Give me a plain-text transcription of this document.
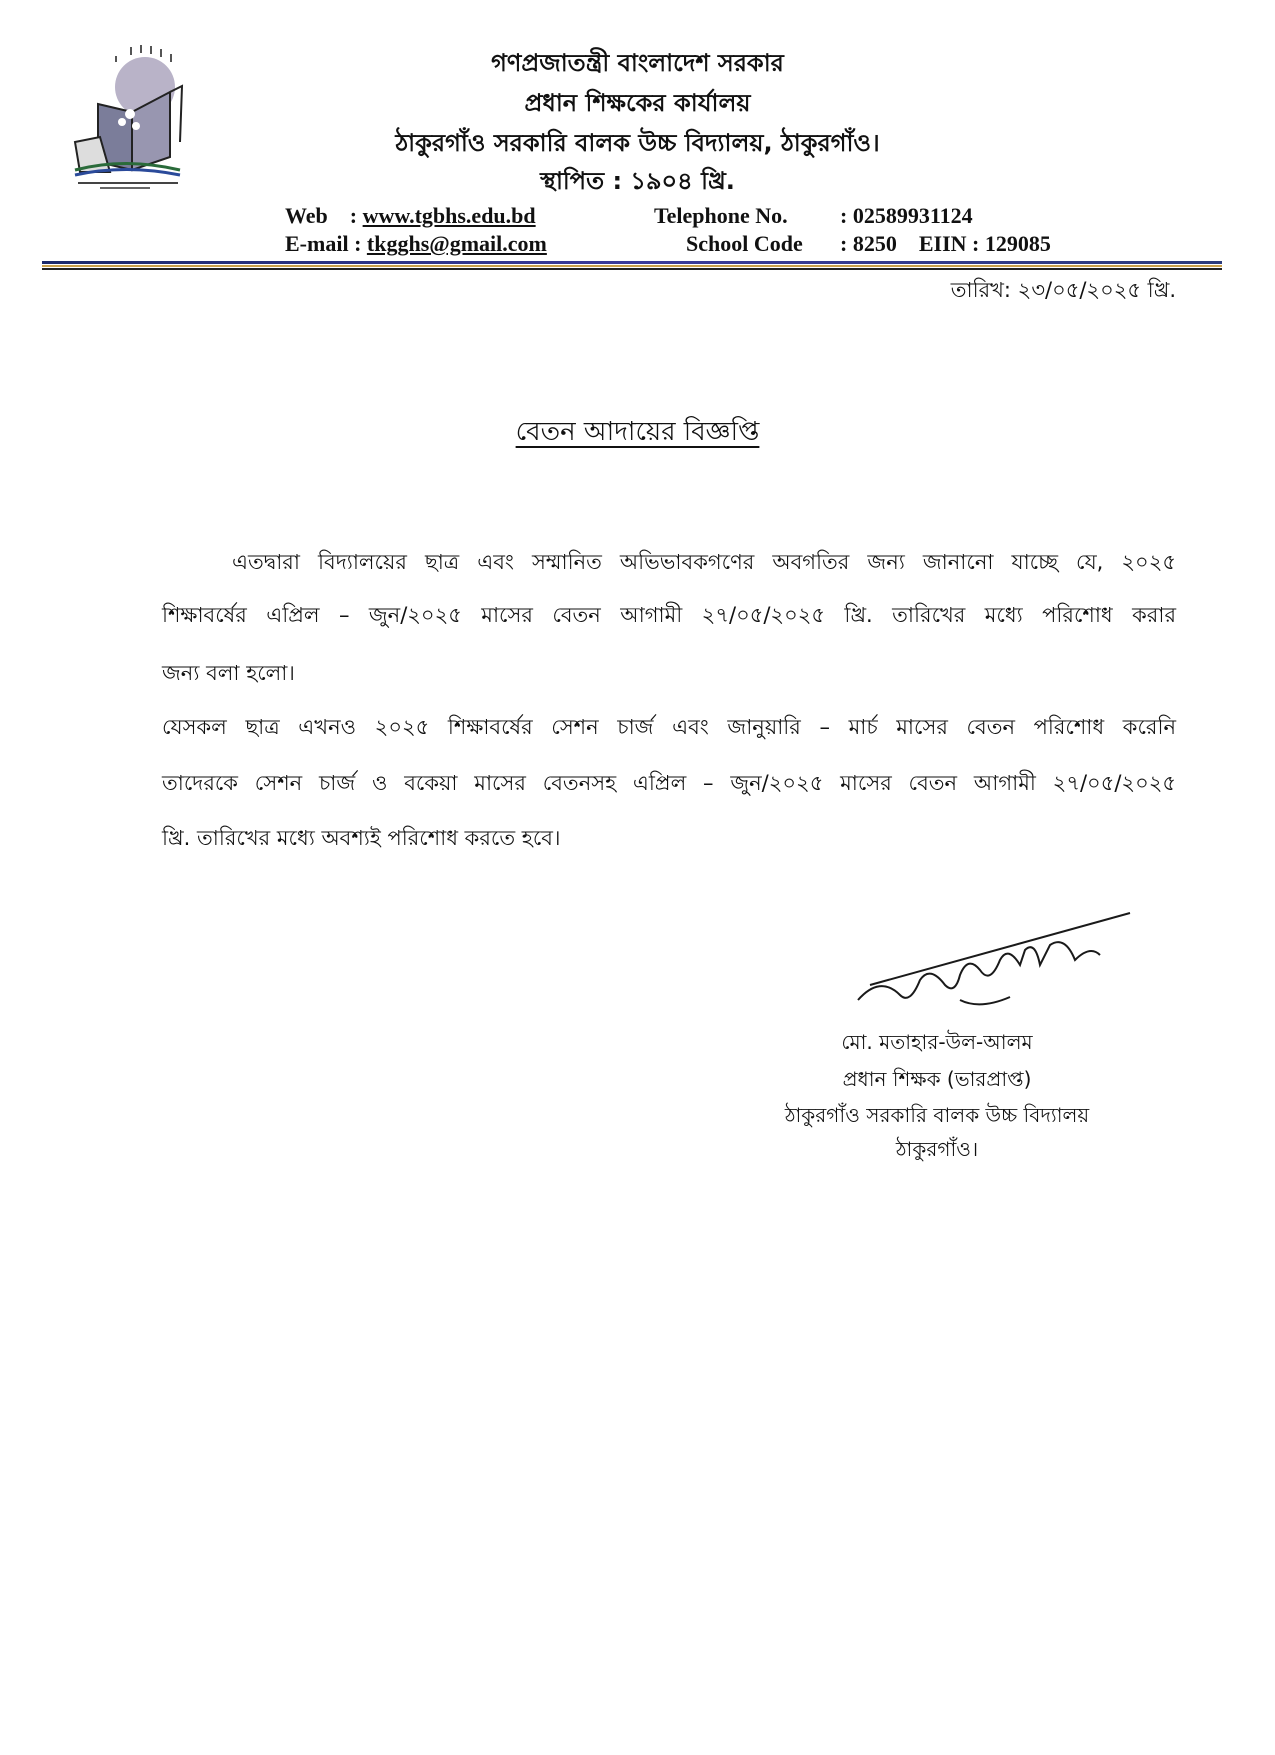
গণপ্রজাতন্ত্রী বাংলাদেশ সরকার
প্রধান শিক্ষকের কার্যালয়
ঠাকুরগাঁও সরকারি বালক উচ্চ বিদ্যালয়, ঠাকুরগাঁও।
স্থাপিত : ১৯০৪ খ্রি.
Web : www.tgbhs.edu.bd
E-mail : tkgghs@gmail.com
Telephone No. : 02589931124
School Code : 8250 EIIN : 129085
তারিখ: ২৩/০৫/২০২৫ খ্রি.
বেতন আদায়ের বিজ্ঞপ্তি
এতদ্বারা বিদ্যালয়ের ছাত্র এবং সম্মানিত অভিভাবকগণের অবগতির জন্য জানানো যাচ্ছে যে, ২০২৫
শিক্ষাবর্ষের এপ্রিল – জুন/২০২৫ মাসের বেতন আগামী ২৭/০৫/২০২৫ খ্রি. তারিখের মধ্যে পরিশোধ করার
জন্য বলা হলো।
যেসকল ছাত্র এখনও ২০২৫ শিক্ষাবর্ষের সেশন চার্জ এবং জানুয়ারি – মার্চ মাসের বেতন পরিশোধ করেনি
তাদেরকে সেশন চার্জ ও বকেয়া মাসের বেতনসহ এপ্রিল – জুন/২০২৫ মাসের বেতন আগামী ২৭/০৫/২০২৫
খ্রি. তারিখের মধ্যে অবশ্যই পরিশোধ করতে হবে।
মো. মতাহার-উল-আলম
প্রধান শিক্ষক (ভারপ্রাপ্ত)
ঠাকুরগাঁও সরকারি বালক উচ্চ বিদ্যালয়
ঠাকুরগাঁও।
